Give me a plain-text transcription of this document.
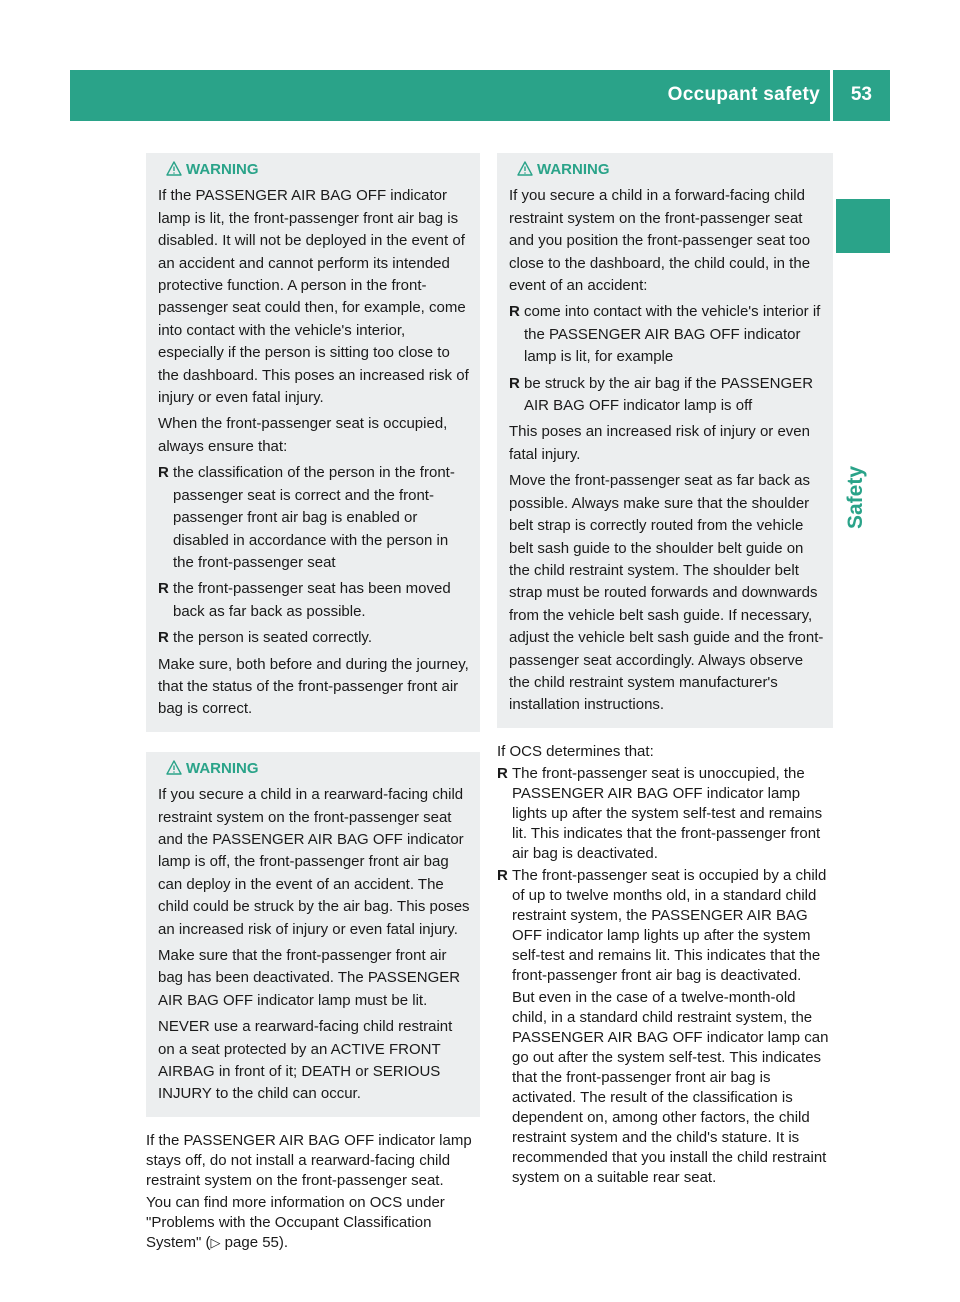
Occupant safety 53
Safety
WARNING

If the PASSENGER AIR BAG OFF indicator lamp is lit, the front-passenger front air bag is disabled. It will not be deployed in the event of an accident and cannot perform its intended protective function. A person in the front-passenger seat could then, for example, come into contact with the vehicle's interior, especially if the person is sitting too close to the dashboard. This poses an increased risk of injury or even fatal injury.

When the front-passenger seat is occupied, always ensure that:

R the classification of the person in the front-passenger seat is correct and the front-passenger front air bag is enabled or disabled in accordance with the person in the front-passenger seat
R the front-passenger seat has been moved back as far back as possible.
R the person is seated correctly.

Make sure, both before and during the journey, that the status of the front-passenger front air bag is correct.

WARNING

If you secure a child in a rearward-facing child restraint system on the front-passenger seat and the PASSENGER AIR BAG OFF indicator lamp is off, the front-passenger front air bag can deploy in the event of an accident. The child could be struck by the air bag. This poses an increased risk of injury or even fatal injury.

Make sure that the front-passenger front air bag has been deactivated. The PASSENGER AIR BAG OFF indicator lamp must be lit.

NEVER use a rearward-facing child restraint on a seat protected by an ACTIVE FRONT AIRBAG in front of it; DEATH or SERIOUS INJURY to the child can occur.

If the PASSENGER AIR BAG OFF indicator lamp stays off, do not install a rearward-facing child restraint system on the front-passenger seat.

You can find more information on OCS under "Problems with the Occupant Classification System" (▷ page 55).

WARNING

If you secure a child in a forward-facing child restraint system on the front-passenger seat and you position the front-passenger seat too close to the dashboard, the child could, in the event of an accident:

R come into contact with the vehicle's interior if the PASSENGER AIR BAG OFF indicator lamp is lit, for example
R be struck by the air bag if the PASSENGER AIR BAG OFF indicator lamp is off

This poses an increased risk of injury or even fatal injury.

Move the front-passenger seat as far back as possible. Always make sure that the shoulder belt strap is correctly routed from the vehicle belt sash guide to the shoulder belt guide on the child restraint system. The shoulder belt strap must be routed forwards and downwards from the vehicle belt sash guide. If necessary, adjust the vehicle belt sash guide and the front-passenger seat accordingly. Always observe the child restraint system manufacturer's installation instructions.

If OCS determines that:

R The front-passenger seat is unoccupied, the PASSENGER AIR BAG OFF indicator lamp lights up after the system self-test and remains lit. This indicates that the front-passenger front air bag is deactivated.
R The front-passenger seat is occupied by a child of up to twelve months old, in a standard child restraint system, the PASSENGER AIR BAG OFF indicator lamp lights up after the system self-test and remains lit. This indicates that the front-passenger front air bag is deactivated.
But even in the case of a twelve-month-old child, in a standard child restraint system, the PASSENGER AIR BAG OFF indicator lamp can go out after the system self-test. This indicates that the front-passenger front air bag is activated. The result of the classification is dependent on, among other factors, the child restraint system and the child's stature. It is recommended that you install the child restraint system on a suitable rear seat.
